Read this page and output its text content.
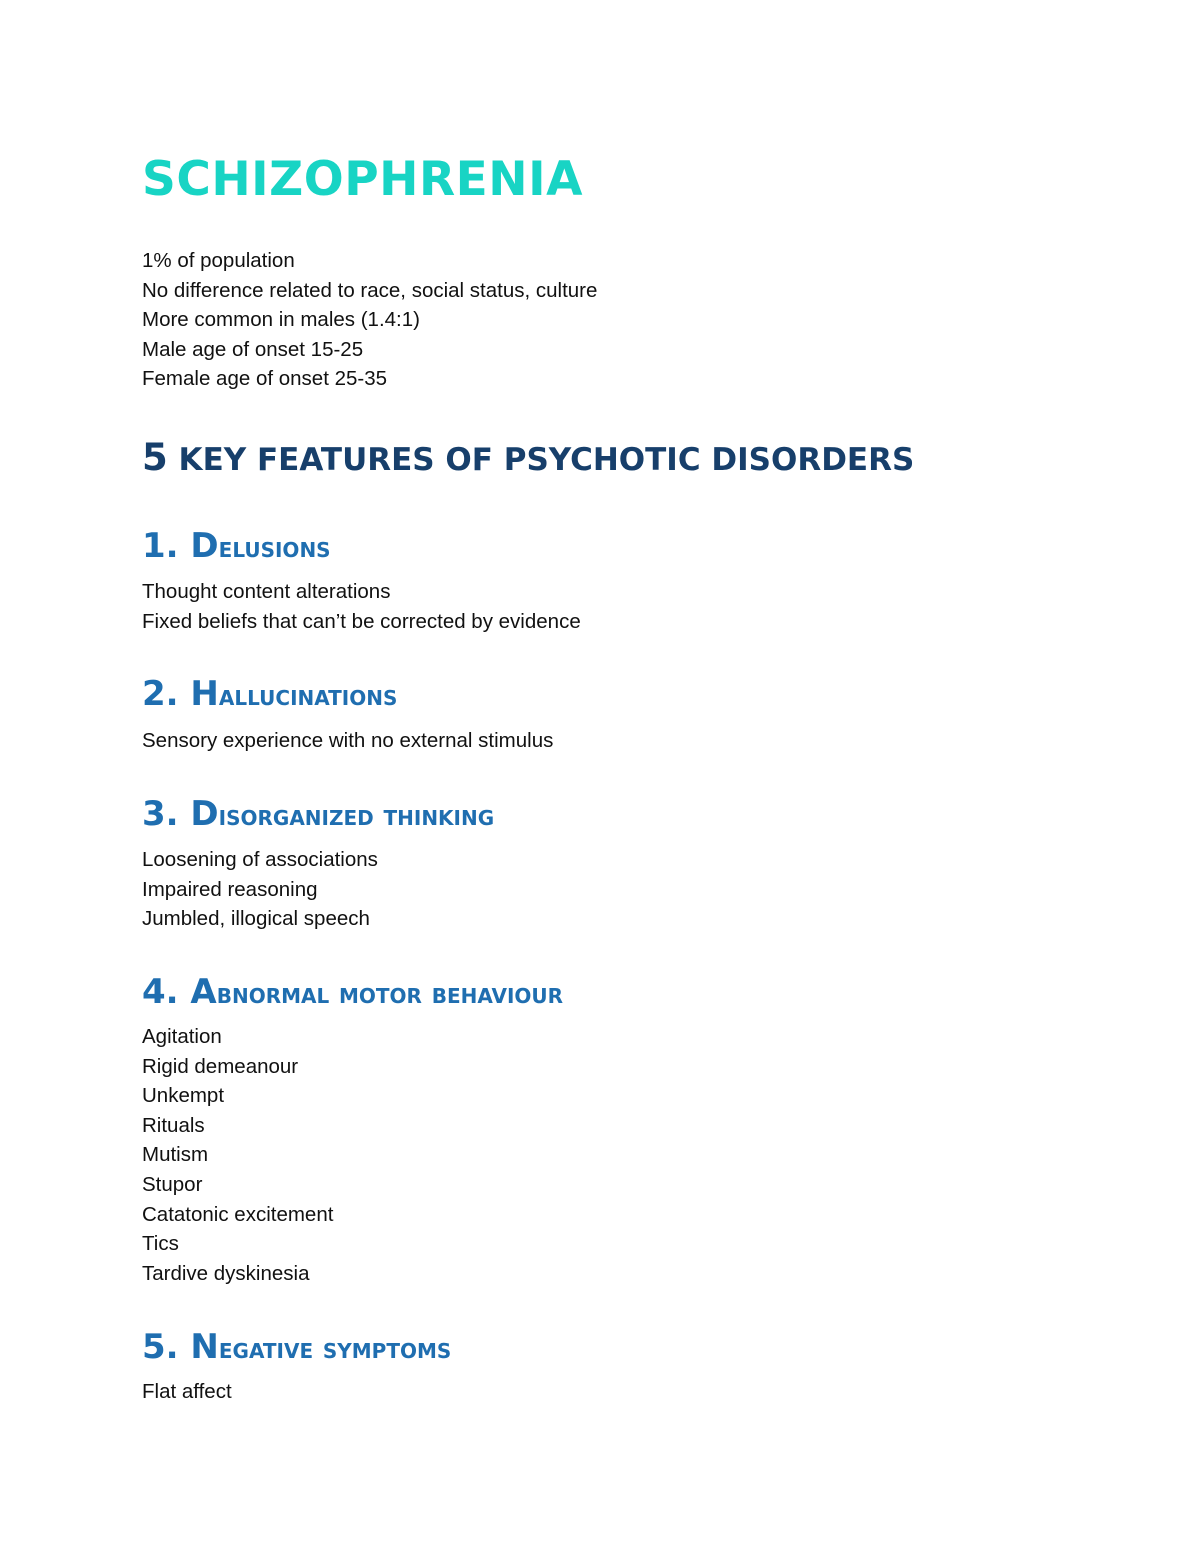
SCHIZOPHRENIA
1% of population
No difference related to race, social status, culture
More common in males (1.4:1)
Male age of onset 15-25
Female age of onset 25-35
5 KEY FEATURES OF PSYCHOTIC DISORDERS
1. Delusions
Thought content alterations
Fixed beliefs that can’t be corrected by evidence
2. Hallucinations
Sensory experience with no external stimulus
3. Disorganized thinking
Loosening of associations
Impaired reasoning
Jumbled, illogical speech
4. Abnormal motor behaviour
Agitation
Rigid demeanour
Unkempt
Rituals
Mutism
Stupor
Catatonic excitement
Tics
Tardive dyskinesia
5. Negative symptoms
Flat affect
